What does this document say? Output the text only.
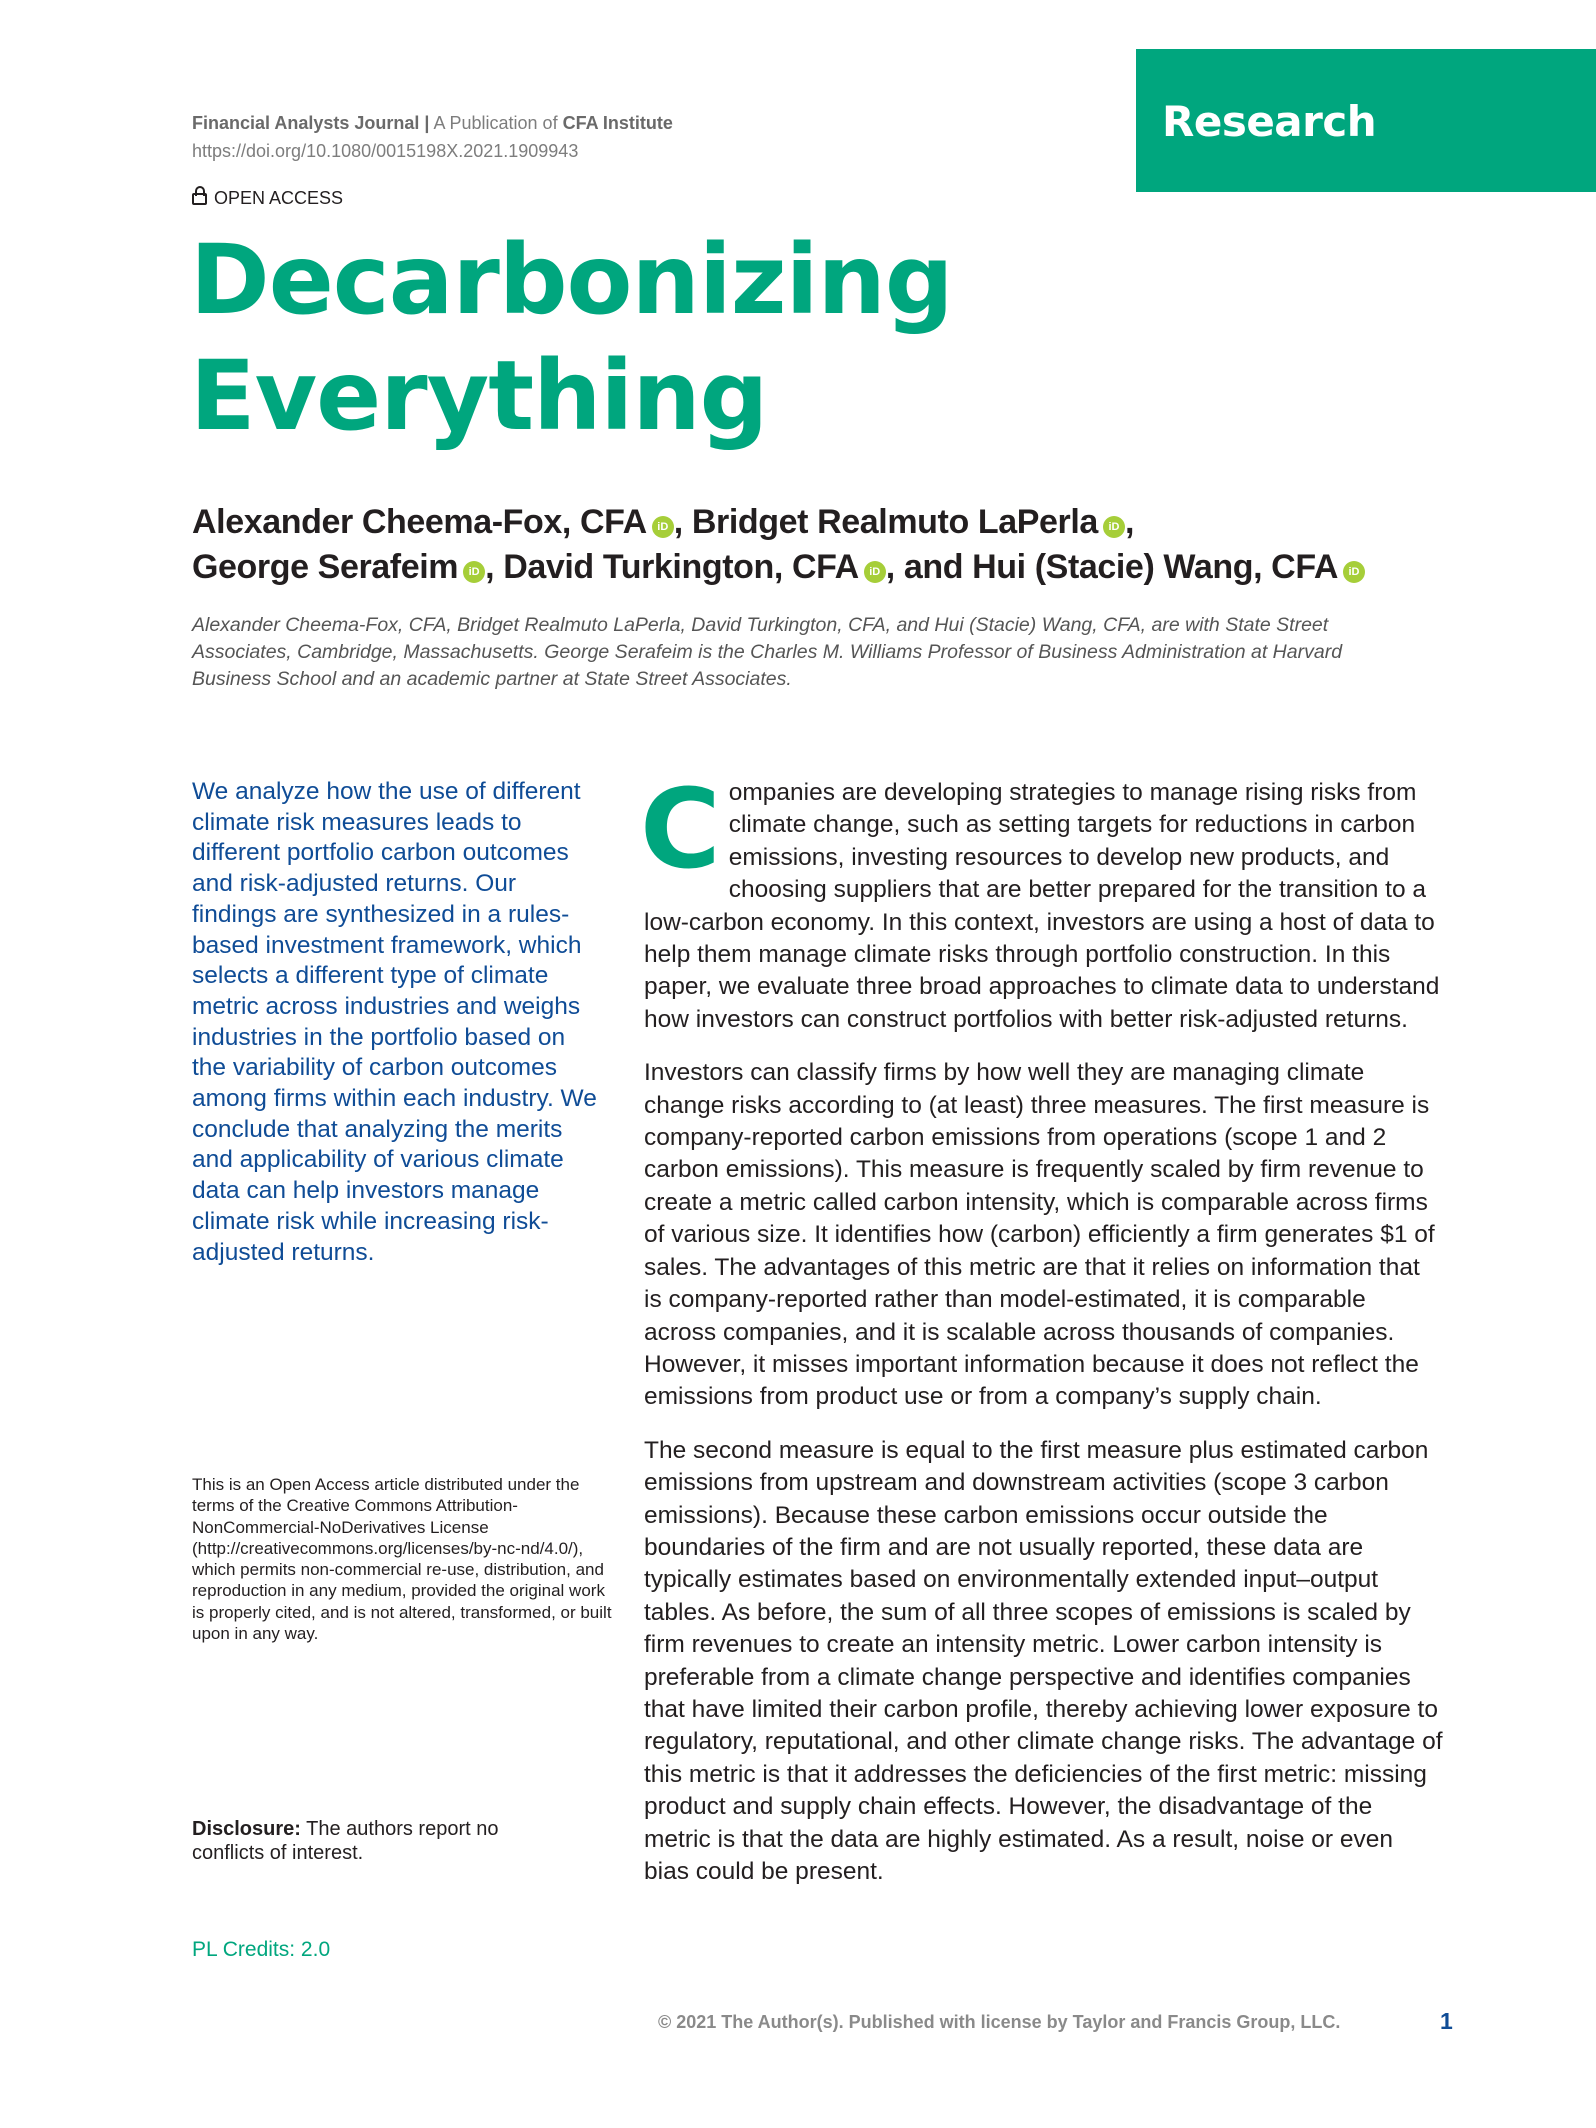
Research
Financial Analysts Journal | A Publication of CFA Institute
https://doi.org/10.1080/0015198X.2021.1909943
OPEN ACCESS
Decarbonizing
Everything
Alexander Cheema-Fox, CFA iD , Bridget Realmuto LaPerla iD ,
George Serafeim iD , David Turkington, CFA iD , and Hui (Stacie) Wang, CFA iD
Alexander Cheema-Fox, CFA, Bridget Realmuto LaPerla, David Turkington, CFA, and Hui (Stacie) Wang, CFA, are with State Street Associates, Cambridge, Massachusetts. George Serafeim is the Charles M. Williams Professor of Business Administration at Harvard Business School and an academic partner at State Street Associates.
We analyze how the use of different climate risk measures leads to different portfolio carbon outcomes and risk-adjusted returns. Our findings are synthesized in a rules-based investment framework, which selects a different type of climate metric across industries and weighs industries in the portfolio based on the variability of carbon outcomes among firms within each industry. We conclude that analyzing the merits and applicability of various climate data can help investors manage climate risk while increasing risk-adjusted returns.
This is an Open Access article distributed under the terms of the Creative Commons Attribution-NonCommercial-NoDerivatives License (http://creativecommons.org/licenses/by-nc-nd/4.0/), which permits non-commercial re-use, distribution, and reproduction in any medium, provided the original work is properly cited, and is not altered, transformed, or built upon in any way.
Disclosure: The authors report no conflicts of interest.
PL Credits: 2.0

Companies are developing strategies to manage rising risks from climate change, such as setting targets for reductions in carbon emissions, investing resources to develop new products, and choosing suppliers that are better prepared for the transition to a low-carbon economy. In this context, investors are using a host of data to help them manage climate risks through portfolio construction. In this paper, we evaluate three broad approaches to climate data to understand how investors can construct portfolios with better risk-adjusted returns.

Investors can classify firms by how well they are managing climate change risks according to (at least) three measures. The first measure is company-reported carbon emissions from operations (scope 1 and 2 carbon emissions). This measure is frequently scaled by firm revenue to create a metric called carbon intensity, which is comparable across firms of various size. It identifies how (carbon) efficiently a firm generates $1 of sales. The advantages of this metric are that it relies on information that is company-reported rather than model-estimated, it is comparable across companies, and it is scalable across thousands of companies. However, it misses important information because it does not reflect the emissions from product use or from a company’s supply chain.

The second measure is equal to the first measure plus estimated carbon emissions from upstream and downstream activities (scope 3 carbon emissions). Because these carbon emissions occur outside the boundaries of the firm and are not usually reported, these data are typically estimates based on environmentally extended input–output tables. As before, the sum of all three scopes of emissions is scaled by firm revenues to create an intensity metric. Lower carbon intensity is preferable from a climate change perspective and identifies companies that have limited their carbon profile, thereby achieving lower exposure to regulatory, reputational, and other climate change risks. The advantage of this metric is that it addresses the deficiencies of the first metric: missing product and supply chain effects. However, the disadvantage of the metric is that the data are highly estimated. As a result, noise or even bias could be present.

© 2021 The Author(s). Published with license by Taylor and Francis Group, LLC.	1
